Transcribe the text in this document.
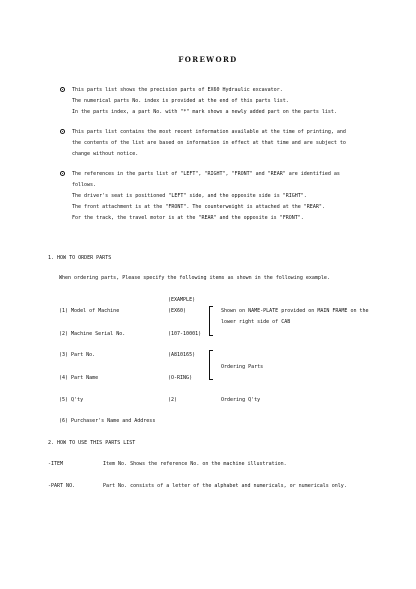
FOREWORD
This parts list shows the precision parts of EX60 Hydraulic excavator.
The numerical parts No. index is provided at the end of this parts list.
In the parts index, a part No. with "*" mark shows a newly added part on the parts list.
This parts list contains the most recent information available at the time of printing, and
the contents of the list are based on information in effect at that time and are subject to
change without notice.
The references in the parts list of "LEFT", "RIGHT", "FRONT" and "REAR" are identified as
follows.
The driver's seat is positioned "LEFT" side, and the opposite side is "RIGHT".
The front attachment is at the "FRONT". The counterweight is attached at the "REAR".
For the track, the travel motor is at the "REAR" and the opposite is "FRONT".
1. HOW TO ORDER PARTS
When ordering parts, Please specify the following items as shown in the following example.
(EXAMPLE)
(1) Model of Machine	(EX60)	Shown on NAME-PLATE provided on MAIN FRAME on the
lower right side of CAB
(2) Machine Serial No.	(107-10001)
(3) Part No.	(A810165)
Ordering Parts
(4) Part Name	(O-RING)
(5) Q'ty	(2)	Ordering Q'ty
(6) Purchaser's Name and Address
2. HOW TO USE THIS PARTS LIST
-ITEM	Item No. Shows the reference No. on the machine illustration.
-PART NO.	Part No. consists of a letter of the alphabet and numericals, or numericals only.
